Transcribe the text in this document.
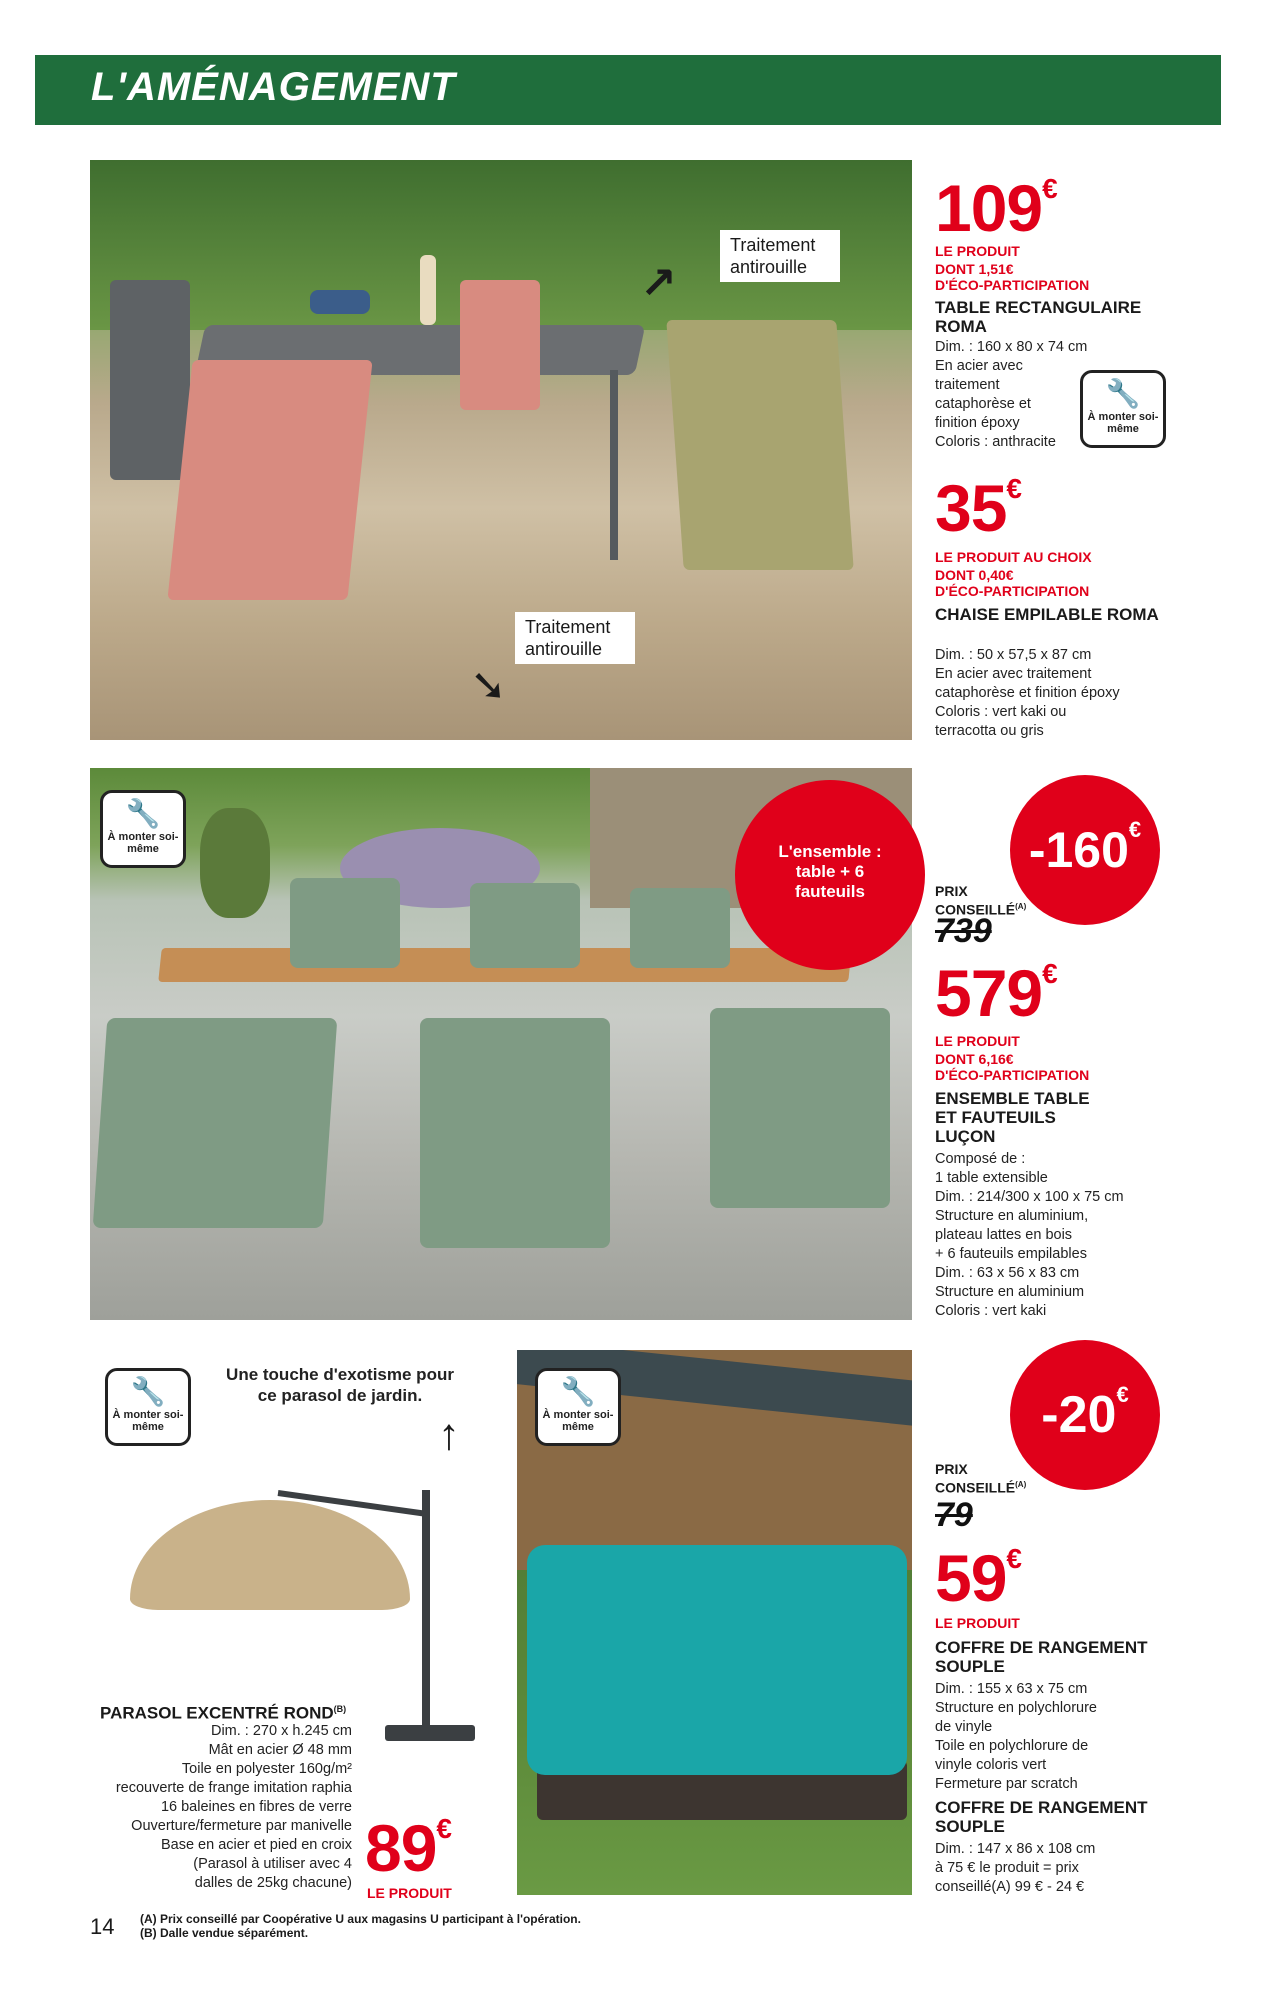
L'AMÉNAGEMENT
Traitement antirouille
↗
Traitement antirouille
➘
109€
LE PRODUIT
DONT 1,51€
D'ÉCO-PARTICIPATION
TABLE RECTANGULAIRE ROMA
Dim. : 160 x 80 x 74 cm
En acier avec
traitement
cataphorèse et
finition époxy
Coloris : anthracite
🔧
À monter soi-même
35€
LE PRODUIT AU CHOIX
DONT 0,40€
D'ÉCO-PARTICIPATION
CHAISE EMPILABLE ROMA
Dim. : 50 x 57,5 x 87 cm
En acier avec traitement
cataphorèse et finition époxy
Coloris : vert kaki ou
terracotta ou gris
🔧
À monter soi-même	L'ensemble : table + 6 fauteuils
-160€
PRIX $CONSEILLÉ^{(A)}$
739
579€
LE PRODUIT
DONT 6,16€
D'ÉCO-PARTICIPATION
ENSEMBLE TABLE ET FAUTEUILS LUÇON
Composé de :
1 table extensible
Dim. : 214/300 x 100 x 75 cm
Structure en aluminium,
plateau lattes en bois
+ 6 fauteuils empilables
Dim. : 63 x 56 x 83 cm
Structure en aluminium
Coloris : vert kaki
🔧
À monter soi-même
Une touche d'exotisme pour ce parasol de jardin.
↑
PARASOL EXCENTRÉ $ROND^{(B)}$
Dim. : 270 x h.245 cm
Mât en acier Ø 48 mm
Toile en polyester 160g/m²
recouverte de frange imitation raphia
16 baleines en fibres de verre
Ouverture/fermeture par manivelle
Base en acier et pied en croix
(Parasol à utiliser avec 4
dalles de 25kg chacune) 89€
LE PRODUIT
🔧
À monter soi-même	-20€
PRIX $CONSEILLÉ^{(A)}$
79
59€
LE PRODUIT
COFFRE DE RANGEMENT SOUPLE
Dim. : 155 x 63 x 75 cm
Structure en polychlorure
de vinyle
Toile en polychlorure de
vinyle coloris vert
Fermeture par scratch
COFFRE DE RANGEMENT SOUPLE
Dim. : 147 x 86 x 108 cm
à 75 € le produit = prix
conseillé(A) 99 € - 24 €
14 (A) Prix conseillé par Coopérative U aux magasins U participant à l'opération.
(B) Dalle vendue séparément.
